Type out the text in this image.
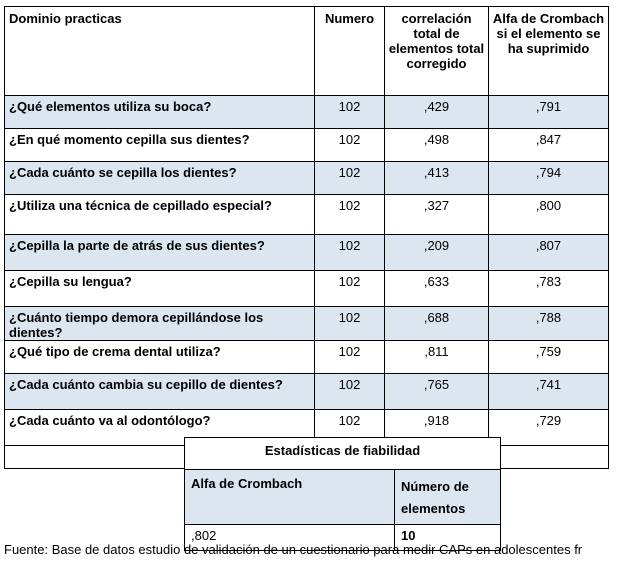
Dominio practicas	Numero	correlación total de elementos total corregido	Alfa de Crombach si el elemento se ha suprimido
¿Qué elementos utiliza su boca?	102	,429	,791
¿En qué momento cepilla sus dientes?	102	,498	,847
¿Cada cuánto se cepilla los dientes?	102	,413	,794
¿Utiliza una técnica de cepillado especial?	102	,327	,800
¿Cepilla la parte de atrás de sus dientes?	102	,209	,807
¿Cepilla su lengua?	102	,633	,783
¿Cuánto tiempo demora cepillándose los dientes?	102	,688	,788
¿Qué tipo de crema dental utiliza?	102	,811	,759
¿Cada cuánto cambia su cepillo de dientes?	102	,765	,741
¿Cada cuánto va al odontólogo?	102	,918	,729

Estadísticas de fiabilidad	
Alfa de Crombach	Número de elementos
,802	10
Fuente: Base de datos estudio de validación de un cuestionario para medir CAPs en adolescentes fr
